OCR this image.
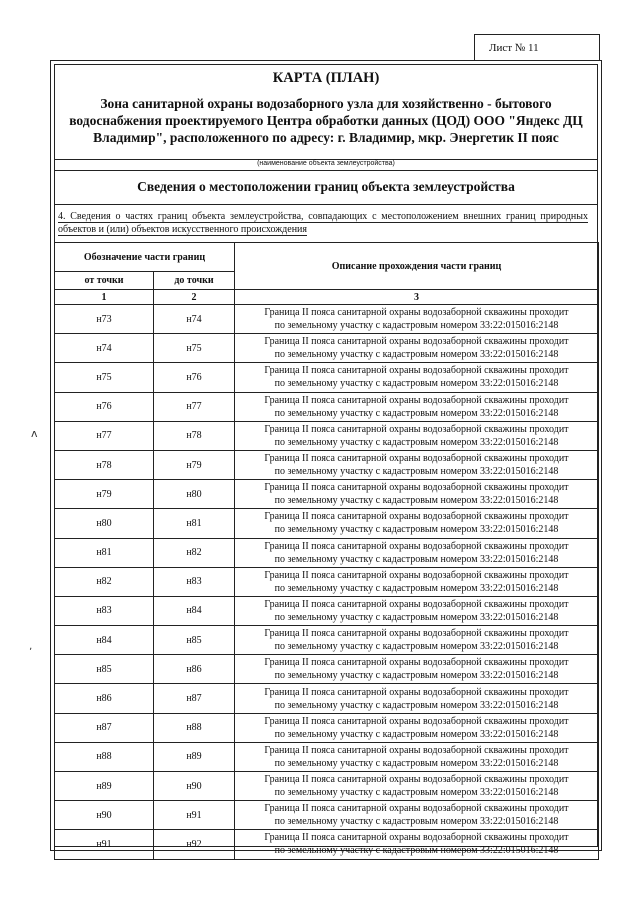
Лист № 11
КАРТА (ПЛАН)
Зона санитарной охраны водозаборного узла для хозяйственно - бытового водоснабжения проектируемого Центра обработки данных (ЦОД) ООО "Яндекс ДЦ Владимир", расположенного по адресу: г. Владимир, мкр. Энергетик II пояс
(наименование объекта землеустройства)
Сведения о местоположении границ объекта землеустройства
4. Сведения о частях границ объекта землеустройства, совпадающих с местоположением внешних границ природных объектов и (или) объектов искусственного происхождения
Обозначение части границ		Описание прохождения части границ
от точки	до точки	
1	2	3
н73	н74	Граница II пояса санитарной охраны водозаборной скважины проходит
по земельному участку с кадастровым номером 33:22:015016:2148

н74	н75	Граница II пояса санитарной охраны водозаборной скважины проходит
по земельному участку с кадастровым номером 33:22:015016:2148

н75	н76	Граница II пояса санитарной охраны водозаборной скважины проходит
по земельному участку с кадастровым номером 33:22:015016:2148

н76	н77	Граница II пояса санитарной охраны водозаборной скважины проходит
по земельному участку с кадастровым номером 33:22:015016:2148

н77	н78	Граница II пояса санитарной охраны водозаборной скважины проходит
по земельному участку с кадастровым номером 33:22:015016:2148

н78	н79	Граница II пояса санитарной охраны водозаборной скважины проходит
по земельному участку с кадастровым номером 33:22:015016:2148

н79	н80	Граница II пояса санитарной охраны водозаборной скважины проходит
по земельному участку с кадастровым номером 33:22:015016:2148

н80	н81	Граница II пояса санитарной охраны водозаборной скважины проходит
по земельному участку с кадастровым номером 33:22:015016:2148

н81	н82	Граница II пояса санитарной охраны водозаборной скважины проходит
по земельному участку с кадастровым номером 33:22:015016:2148

н82	н83	Граница II пояса санитарной охраны водозаборной скважины проходит
по земельному участку с кадастровым номером 33:22:015016:2148

н83	н84	Граница II пояса санитарной охраны водозаборной скважины проходит
по земельному участку с кадастровым номером 33:22:015016:2148

н84	н85	Граница II пояса санитарной охраны водозаборной скважины проходит
по земельному участку с кадастровым номером 33:22:015016:2148

н85	н86	Граница II пояса санитарной охраны водозаборной скважины проходит
по земельному участку с кадастровым номером 33:22:015016:2148

н86	н87	Граница II пояса санитарной охраны водозаборной скважины проходит
по земельному участку с кадастровым номером 33:22:015016:2148

н87	н88	Граница II пояса санитарной охраны водозаборной скважины проходит
по земельному участку с кадастровым номером 33:22:015016:2148

н88	н89	Граница II пояса санитарной охраны водозаборной скважины проходит
по земельному участку с кадастровым номером 33:22:015016:2148

н89	н90	Граница II пояса санитарной охраны водозаборной скважины проходит
по земельному участку с кадастровым номером 33:22:015016:2148

н90	н91	Граница II пояса санитарной охраны водозаборной скважины проходит
по земельному участку с кадастровым номером 33:22:015016:2148

н91	н92	Граница II пояса санитарной охраны водозаборной скважины проходит
по земельному участку с кадастровым номером 33:22:015016:2148
ʌ
ʼ
